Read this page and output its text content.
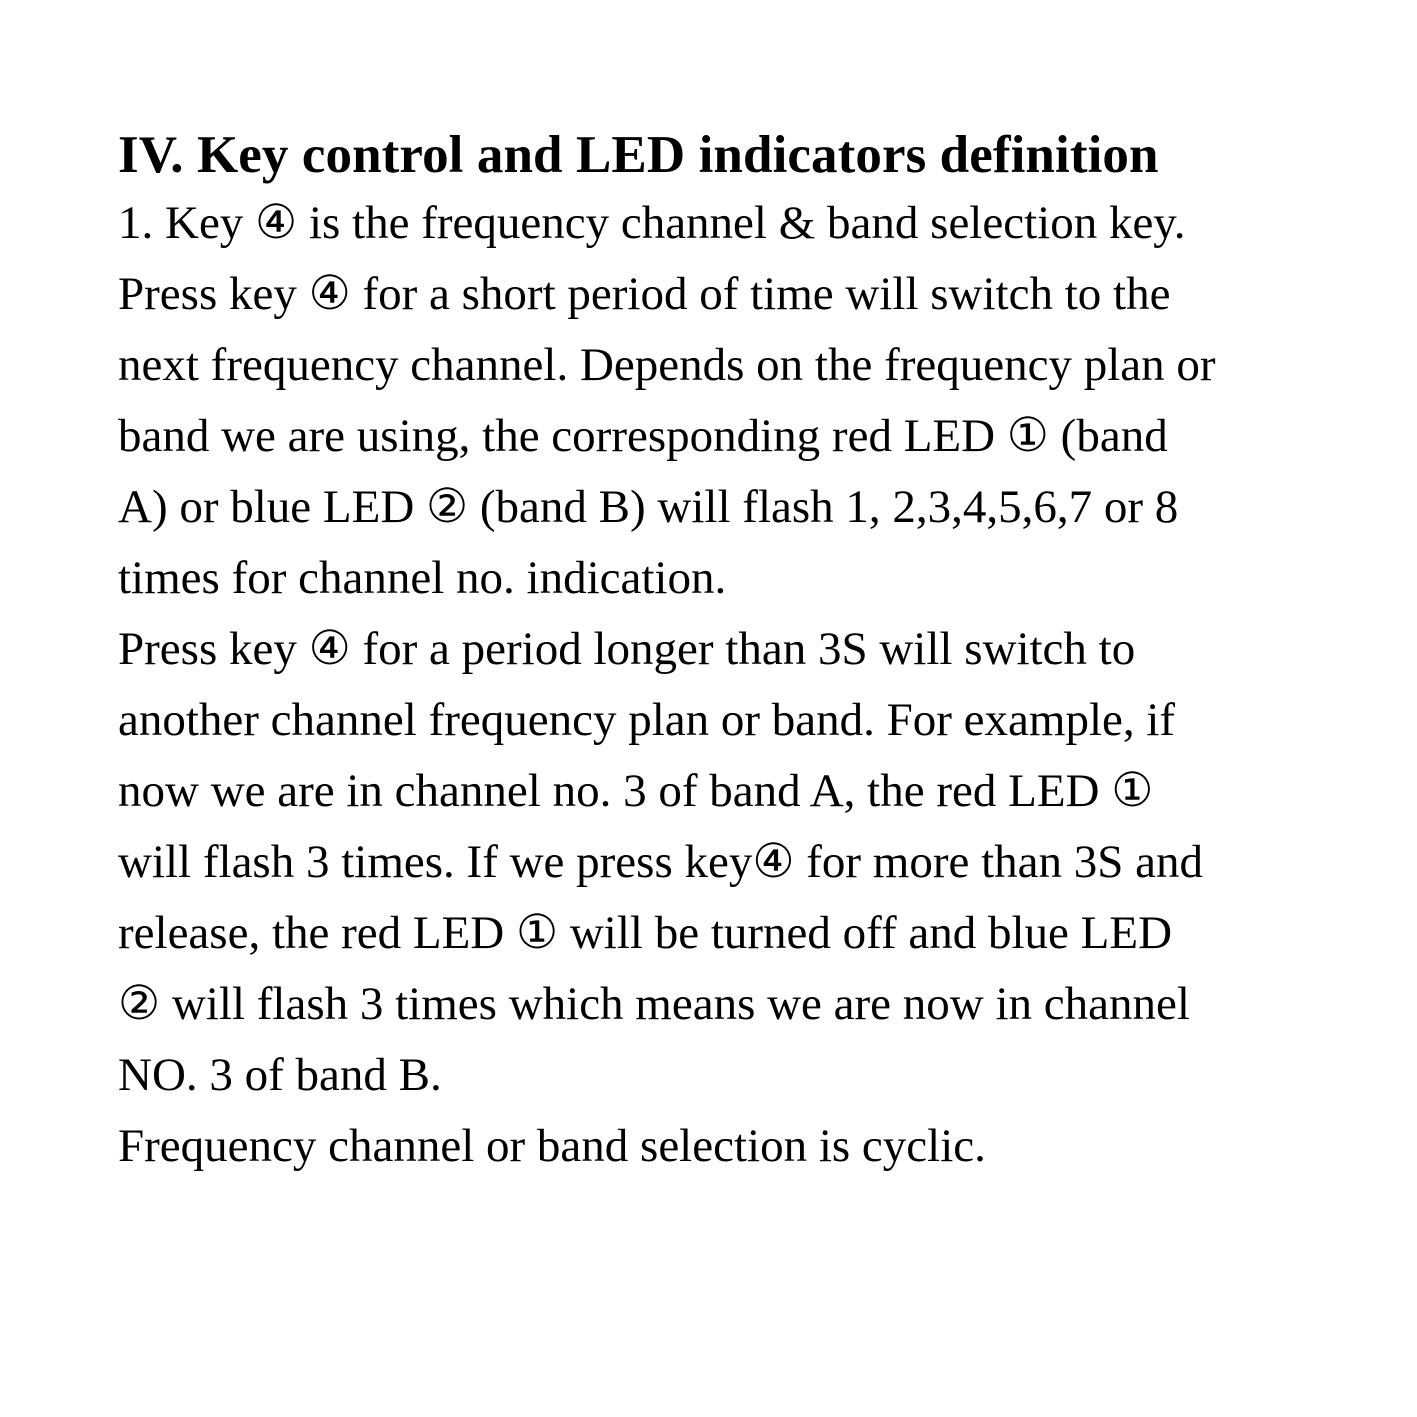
IV. Key control and LED indicators definition

1. Key ④ is the frequency channel & band selection key.

Press key ④ for a short period of time will switch to the

next frequency channel. Depends on the frequency plan or

band we are using, the corresponding red LED ① (band

A) or blue LED ② (band B) will flash 1, 2,3,4,5,6,7 or 8

times for channel no. indication.

Press key ④ for a period longer than 3S will switch to

another channel frequency plan or band. For example, if

now we are in channel no. 3 of band A, the red LED ①

will flash 3 times. If we press key④ for more than 3S and

release, the red LED ① will be turned off and blue LED

② will flash 3 times which means we are now in channel

NO. 3 of band B.

Frequency channel or band selection is cyclic.
